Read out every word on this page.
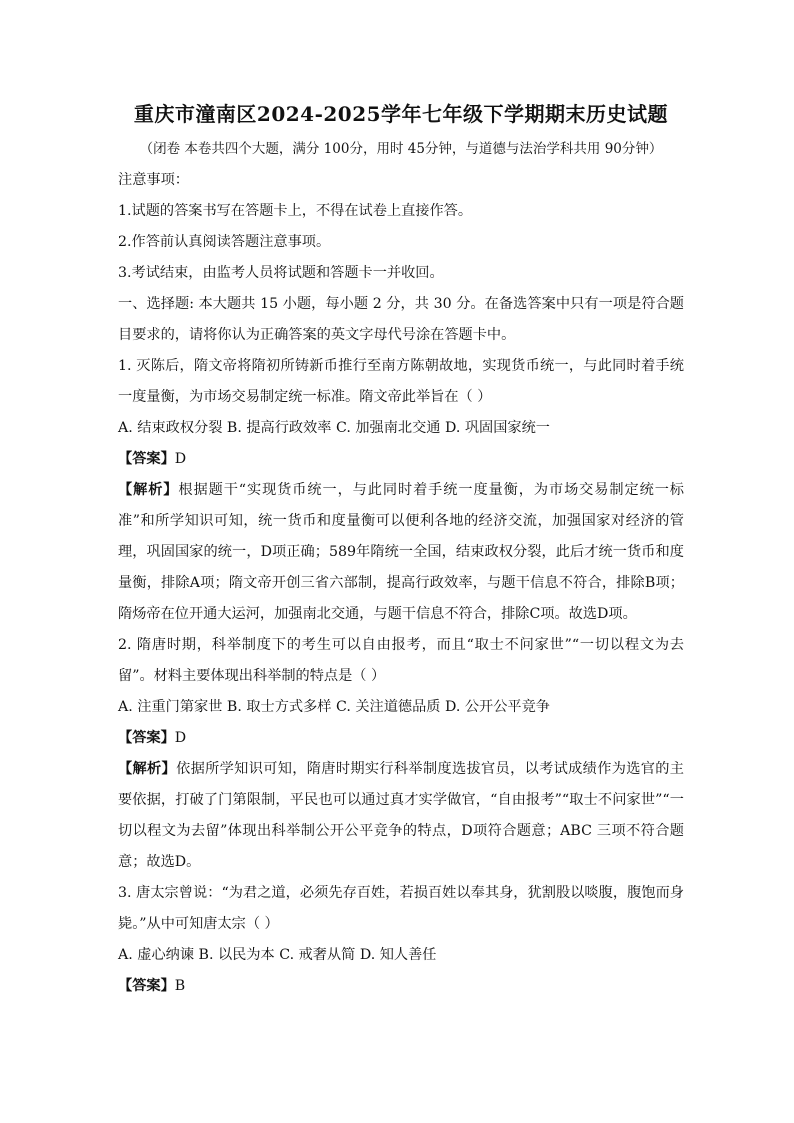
重庆市潼南区2024-2025学年七年级下学期期末历史试题

（闭卷 本卷共四个大题，满分 100分，用时 45分钟，与道德与法治学科共用 90分钟）

注意事项：

1.试题的答案书写在答题卡上，不得在试卷上直接作答。

2.作答前认真阅读答题注意事项。

3.考试结束，由监考人员将试题和答题卡一并收回。

一、选择题: 本大题共 15 小题，每小题 2 分，共 30 分。在备选答案中只有一项是符合题目要求的，请将你认为正确答案的英文字母代号涂在答题卡中。

1. 灭陈后，隋文帝将隋初所铸新币推行至南方陈朝故地，实现货币统一，与此同时着手统一度量衡，为市场交易制定统一标准。隋文帝此举旨在（ ）

A. 结束政权分裂 B. 提高行政效率 C. 加强南北交通 D. 巩固国家统一

【答案】D

【解析】根据题干“实现货币统一，与此同时着手统一度量衡，为市场交易制定统一标准”和所学知识可知，统一货币和度量衡可以便利各地的经济交流，加强国家对经济的管理，巩固国家的统一，D项正确；589年隋统一全国，结束政权分裂，此后才统一货币和度量衡，排除A项；隋文帝开创三省六部制，提高行政效率，与题干信息不符合，排除B项；隋炀帝在位开通大运河，加强南北交通，与题干信息不符合，排除C项。故选D项。

2. 隋唐时期，科举制度下的考生可以自由报考，而且“取士不问家世”“一切以程文为去留”。材料主要体现出科举制的特点是（ ）

A. 注重门第家世 B. 取士方式多样 C. 关注道德品质 D. 公开公平竞争

【答案】D

【解析】依据所学知识可知，隋唐时期实行科举制度选拔官员，以考试成绩作为选官的主要依据，打破了门第限制，平民也可以通过真才实学做官，“自由报考”“取士不问家世”“一切以程文为去留”体现出科举制公开公平竞争的特点，D项符合题意；ABC 三项不符合题意；故选D。

3. 唐太宗曾说：“为君之道，必须先存百姓，若损百姓以奉其身，犹割股以啖腹，腹饱而身毙。”从中可知唐太宗（ ）

A. 虚心纳谏 B. 以民为本 C. 戒奢从简 D. 知人善任

【答案】B
